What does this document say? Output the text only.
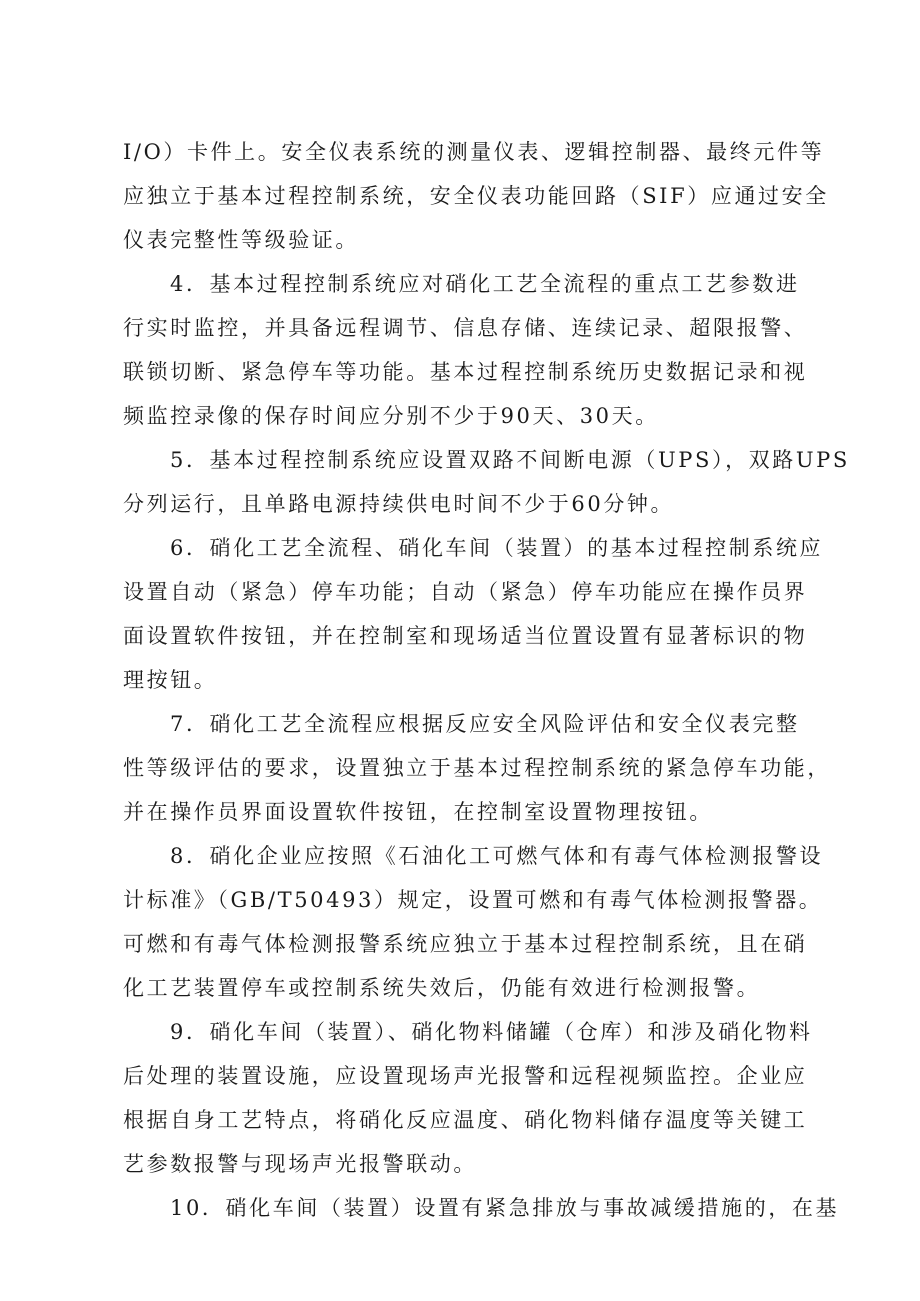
I/O）卡件上。安全仪表系统的测量仪表、逻辑控制器、最终元件等
应独立于基本过程控制系统，安全仪表功能回路（SIF）应通过安全
仪表完整性等级验证。
4．基本过程控制系统应对硝化工艺全流程的重点工艺参数进
行实时监控，并具备远程调节、信息存储、连续记录、超限报警、
联锁切断、紧急停车等功能。基本过程控制系统历史数据记录和视
频监控录像的保存时间应分别不少于90天、30天。
5．基本过程控制系统应设置双路不间断电源（UPS），双路UPS
分列运行，且单路电源持续供电时间不少于60分钟。
6．硝化工艺全流程、硝化车间（装置）的基本过程控制系统应
设置自动（紧急）停车功能；自动（紧急）停车功能应在操作员界
面设置软件按钮，并在控制室和现场适当位置设置有显著标识的物
理按钮。
7．硝化工艺全流程应根据反应安全风险评估和安全仪表完整
性等级评估的要求，设置独立于基本过程控制系统的紧急停车功能，
并在操作员界面设置软件按钮，在控制室设置物理按钮。
8．硝化企业应按照《石油化工可燃气体和有毒气体检测报警设
计标准》（GB/T50493）规定，设置可燃和有毒气体检测报警器。
可燃和有毒气体检测报警系统应独立于基本过程控制系统，且在硝
化工艺装置停车或控制系统失效后，仍能有效进行检测报警。
9．硝化车间（装置）、硝化物料储罐（仓库）和涉及硝化物料
后处理的装置设施，应设置现场声光报警和远程视频监控。企业应
根据自身工艺特点，将硝化反应温度、硝化物料储存温度等关键工
艺参数报警与现场声光报警联动。
10．硝化车间（装置）设置有紧急排放与事故减缓措施的，在基
